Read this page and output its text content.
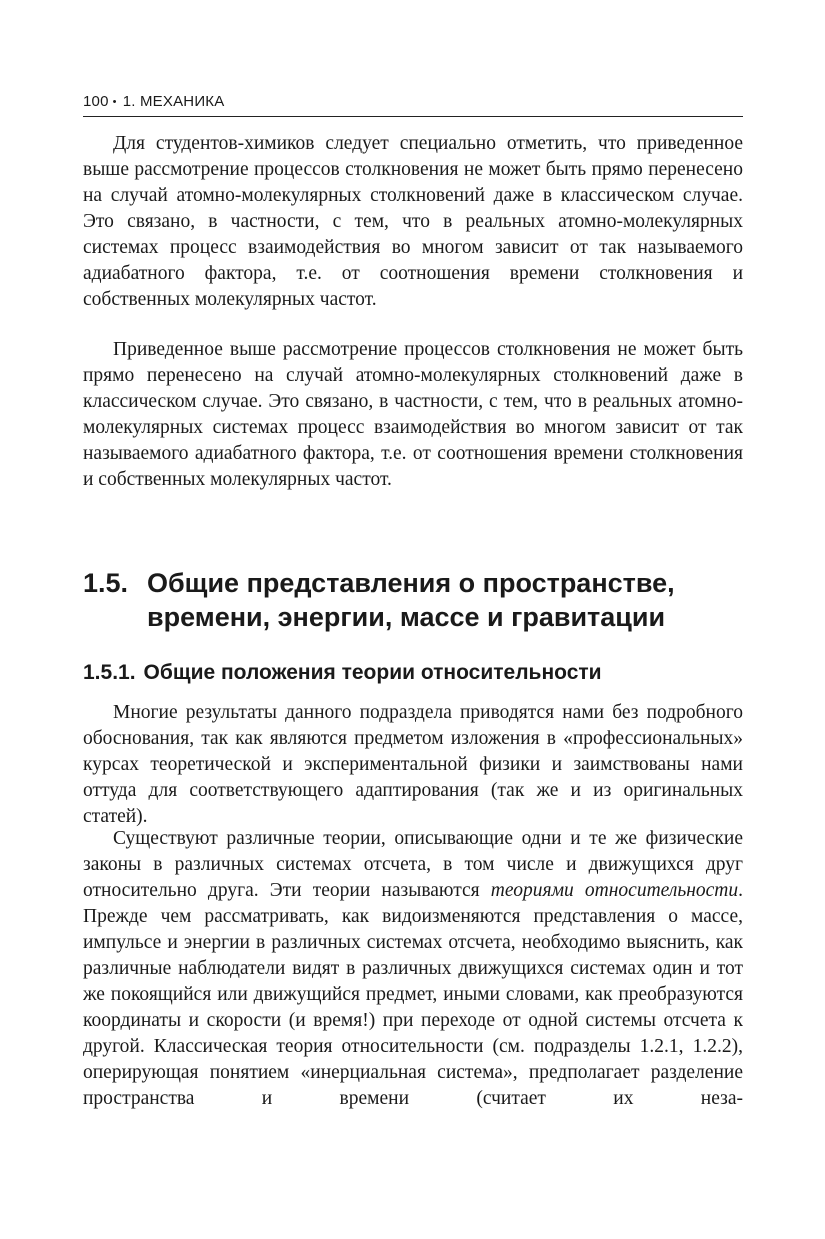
100 • 1. МЕХАНИКА

Для студентов-химиков следует специально отметить, что приведенное выше рассмотрение процессов столкновения не может быть прямо перенесено на случай атомно-молекулярных столкновений даже в классическом случае. Это связано, в частности, с тем, что в реальных атомно-молекулярных системах процесс взаимодействия во многом зависит от так называемого адиабатного фактора, т.е. от соотношения времени столкновения и собственных молекулярных частот.

Приведенное выше рассмотрение процессов столкновения не может быть прямо перенесено на случай атомно-молекулярных столкновений даже в классическом случае. Это связано, в частности, с тем, что в реальных атомно-молекулярных системах процесс взаимодействия во многом зависит от так называемого адиабатного фактора, т.е. от соотношения времени столкновения и собственных молекулярных частот.

1.5. Общие представления о пространстве,
времени, энергии, массе и гравитации
1.5.1. Общие положения теории относительности

Многие результаты данного подраздела приводятся нами без подробного обоснования, так как являются предметом изложения в «профессиональных» курсах теоретической и экспериментальной физики и заимствованы нами оттуда для соответствующего адаптирования (так же и из оригинальных статей).

Существуют различные теории, описывающие одни и те же физические законы в различных системах отсчета, в том числе и движущихся друг относительно друга. Эти теории называются теориями относительности. Прежде чем рассматривать, как видоизменяются представления о массе, импульсе и энергии в различных системах отсчета, необходимо выяснить, как различные наблюдатели видят в различных движущихся системах один и тот же покоящийся или движущийся предмет, иными словами, как преобразуются координаты и скорости (и время!) при переходе от одной системы отсчета к другой. Классическая теория относительности (см. подразделы 1.2.1, 1.2.2), оперирующая понятием «инерциальная система», предполагает разделение пространства и времени (считает их неза-
